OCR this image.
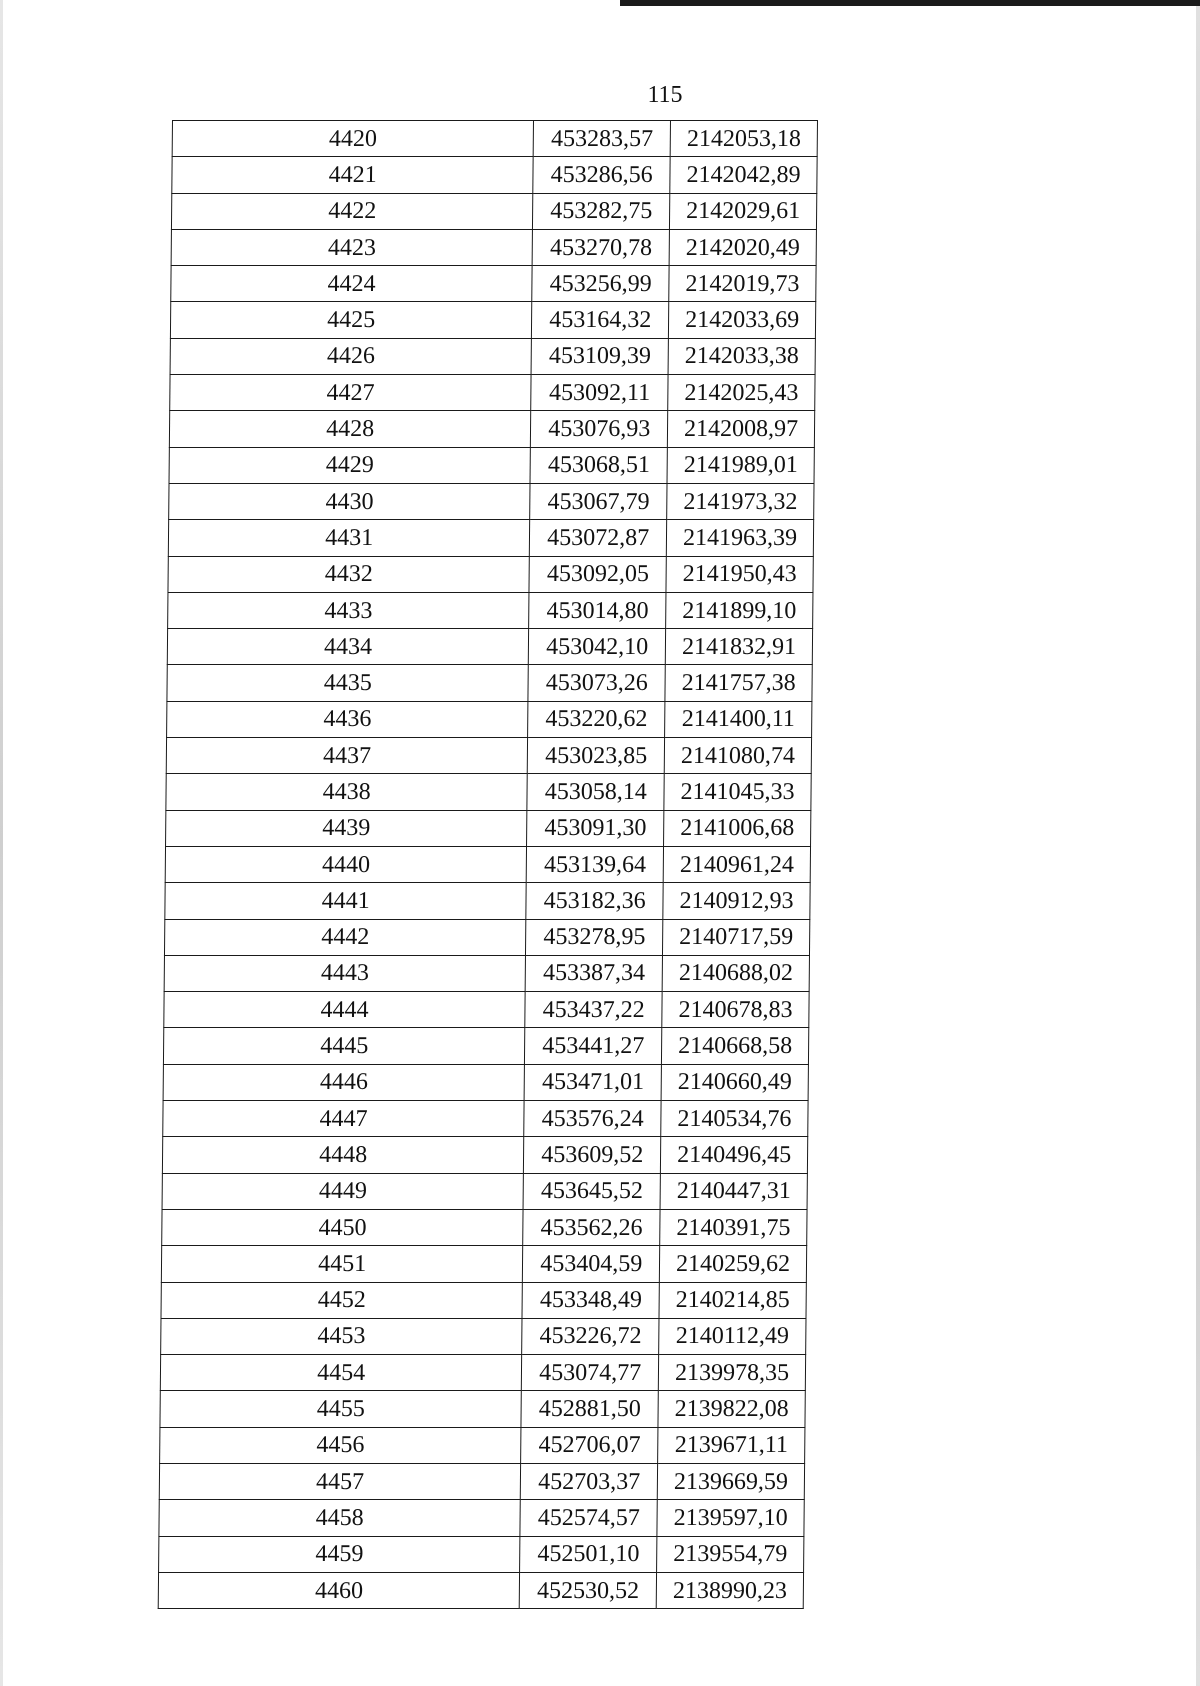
115
4420	453283,57	2142053,18
4421	453286,56	2142042,89
4422	453282,75	2142029,61
4423	453270,78	2142020,49
4424	453256,99	2142019,73
4425	453164,32	2142033,69
4426	453109,39	2142033,38
4427	453092,11	2142025,43
4428	453076,93	2142008,97
4429	453068,51	2141989,01
4430	453067,79	2141973,32
4431	453072,87	2141963,39
4432	453092,05	2141950,43
4433	453014,80	2141899,10
4434	453042,10	2141832,91
4435	453073,26	2141757,38
4436	453220,62	2141400,11
4437	453023,85	2141080,74
4438	453058,14	2141045,33
4439	453091,30	2141006,68
4440	453139,64	2140961,24
4441	453182,36	2140912,93
4442	453278,95	2140717,59
4443	453387,34	2140688,02
4444	453437,22	2140678,83
4445	453441,27	2140668,58
4446	453471,01	2140660,49
4447	453576,24	2140534,76
4448	453609,52	2140496,45
4449	453645,52	2140447,31
4450	453562,26	2140391,75
4451	453404,59	2140259,62
4452	453348,49	2140214,85
4453	453226,72	2140112,49
4454	453074,77	2139978,35
4455	452881,50	2139822,08
4456	452706,07	2139671,11
4457	452703,37	2139669,59
4458	452574,57	2139597,10
4459	452501,10	2139554,79
4460	452530,52	2138990,23
